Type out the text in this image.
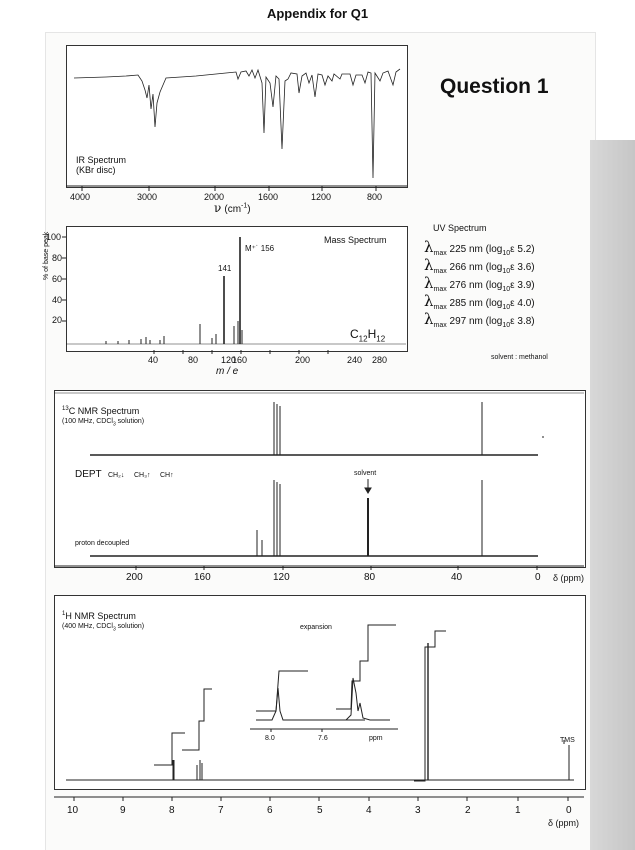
Appendix for Q1
IR Spectrum
(KBr disc)
4000	3000	2000	1600	1200	800
ν $(cm^{-1})$
Question 1
Mass Spectrum
M⁺˙ 156
141
% of base peak
100
80
60
40
20
40	80	120
160	200	240 280
m / e
$C_{12}H_{12}$
UV Spectrum
$\lambda_{max}$ 225 nm ($\log_{10}\varepsilon$ 5.2)
$\lambda_{max}$ 266 nm ($\log_{10}\varepsilon$ 3.6)
$\lambda_{max}$ 276 nm ($\log_{10}\varepsilon$ 3.9)
$\lambda_{max}$ 285 nm ($\log_{10}\varepsilon$ 4.0)
$\lambda_{max}$ 297 nm ($\log_{10}\varepsilon$ 3.8)
solvent : methanol
$^{13}$C NMR Spectrum
(100 MHz, CDCl$_3$ solution)
DEPT CH₂↓ CH₃↑ CH↑	solvent
proton decoupled
200	160	120	80	40	0 δ (ppm)
expansion
8.0	7.6	ppm
$^1$H NMR Spectrum
(400 MHz, CDCl$_3$ solution)
TMS
10	9	8	7	6	5	4	3	2	1	0
δ (ppm)
